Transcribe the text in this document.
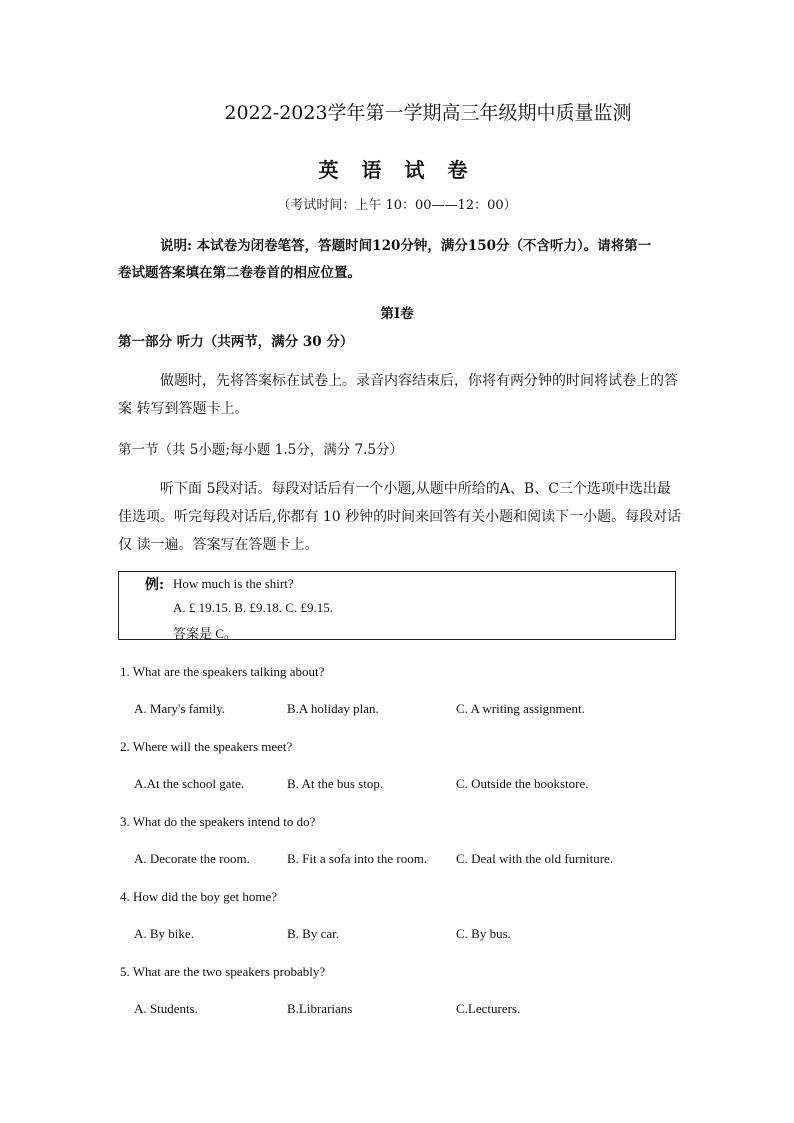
2022-2023学年第一学期高三年级期中质量监测
英 语 试 卷
（考试时间：上午 10：00——12：00）
说明: 本试卷为闭卷笔答，答题时间120分钟，满分150分（不含听力）。请将第一
卷试题答案填在第二卷卷首的相应位置。
第I卷
第一部分 听力（共两节，满分 30 分）
做题时，先将答案标在试卷上。录音内容结束后，你将有两分钟的时间将试卷上的答
案 转写到答题卡上。
第一节（共 5小题;每小题 1.5分，满分 7.5分）
听下面 5段对话。每段对话后有一个小题,从题中所给的A、B、C三个选项中选出最
佳选项。听完每段对话后,你都有 10 秒钟的时间来回答有关小题和阅读下一小题。每段对话
仅 读一遍。答案写在答题卡上。
例: How much is the shirt?
A. £ 19.15. B. £9.18. C. £9.15.
答案是 C。
1. What are the speakers talking about?
A. Mary's family.	B.A holiday plan.	C. A writing assignment.
2. Where will the speakers meet?
A.At the school gate.	B. At the bus stop.	C. Outside the bookstore.
3. What do the speakers intend to do?
A. Decorate the room.	B. Fit a sofa into the room. C. Deal with the old furniture.
4. How did the boy get home?
A. By bike.	B. By car.	C. By bus.
5. What are the two speakers probably?
A. Students.	B.Librarians	C.Lecturers.
